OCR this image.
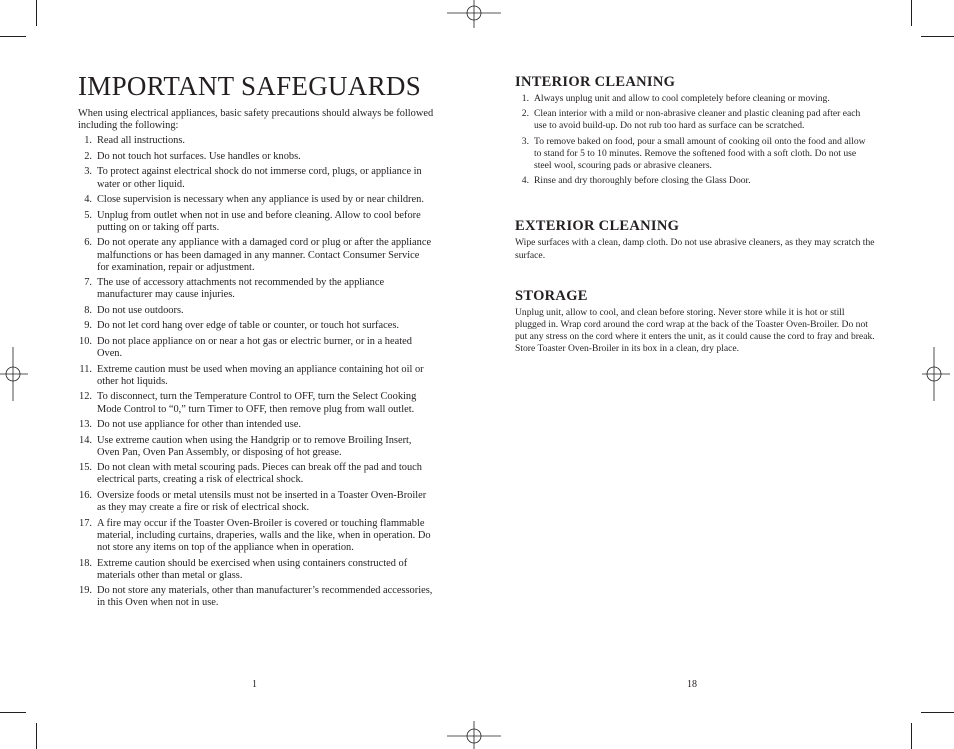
IMPORTANT SAFEGUARDS

When using electrical appliances, basic safety precautions should always be followed including the following:

1. Read all instructions.
2. Do not touch hot surfaces. Use handles or knobs.
3. To protect against electrical shock do not immerse cord, plugs, or appliance in water or other liquid.
4. Close supervision is necessary when any appliance is used by or near children.
5. Unplug from outlet when not in use and before cleaning. Allow to cool before putting on or taking off parts.
6. Do not operate any appliance with a damaged cord or plug or after the appliance malfunctions or has been damaged in any manner. Contact Consumer Service for examination, repair or adjustment.
7. The use of accessory attachments not recommended by the appliance manufacturer may cause injuries.
8. Do not use outdoors.
9. Do not let cord hang over edge of table or counter, or touch hot surfaces.
10. Do not place appliance on or near a hot gas or electric burner, or in a heated Oven.
11. Extreme caution must be used when moving an appliance containing hot oil or other hot liquids.
12. To disconnect, turn the Temperature Control to OFF, turn the Select Cooking Mode Control to “0,” turn Timer to OFF, then remove plug from wall outlet.
13. Do not use appliance for other than intended use.
14. Use extreme caution when using the Handgrip or to remove Broiling Insert, Oven Pan, Oven Pan Assembly, or disposing of hot grease.
15. Do not clean with metal scouring pads. Pieces can break off the pad and touch electrical parts, creating a risk of electrical shock.
16. Oversize foods or metal utensils must not be inserted in a Toaster Oven-Broiler as they may create a fire or risk of electrical shock.
17. A fire may occur if the Toaster Oven-Broiler is covered or touching flammable material, including curtains, draperies, walls and the like, when in operation. Do not store any items on top of the appliance when in operation.
18. Extreme caution should be exercised when using containers constructed of materials other than metal or glass.
19. Do not store any materials, other than manufacturer’s recommended accessories, in this Oven when not in use.
1
INTERIOR CLEANING
1. Always unplug unit and allow to cool completely before cleaning or moving.
2. Clean interior with a mild or non-abrasive cleaner and plastic cleaning pad after each use to avoid build-up. Do not rub too hard as surface can be scratched.
3. To remove baked on food, pour a small amount of cooking oil onto the food and allow to stand for 5 to 10 minutes. Remove the softened food with a soft cloth. Do not use steel wool, scouring pads or abrasive cleaners.
4. Rinse and dry thoroughly before closing the Glass Door.
EXTERIOR CLEANING

Wipe surfaces with a clean, damp cloth. Do not use abrasive cleaners, as they may scratch the surface.

STORAGE

Unplug unit, allow to cool, and clean before storing. Never store while it is hot or still plugged in. Wrap cord around the cord wrap at the back of the Toaster Oven-Broiler. Do not put any stress on the cord where it enters the unit, as it could cause the cord to fray and break. Store Toaster Oven-Broiler in its box in a clean, dry place.

18
